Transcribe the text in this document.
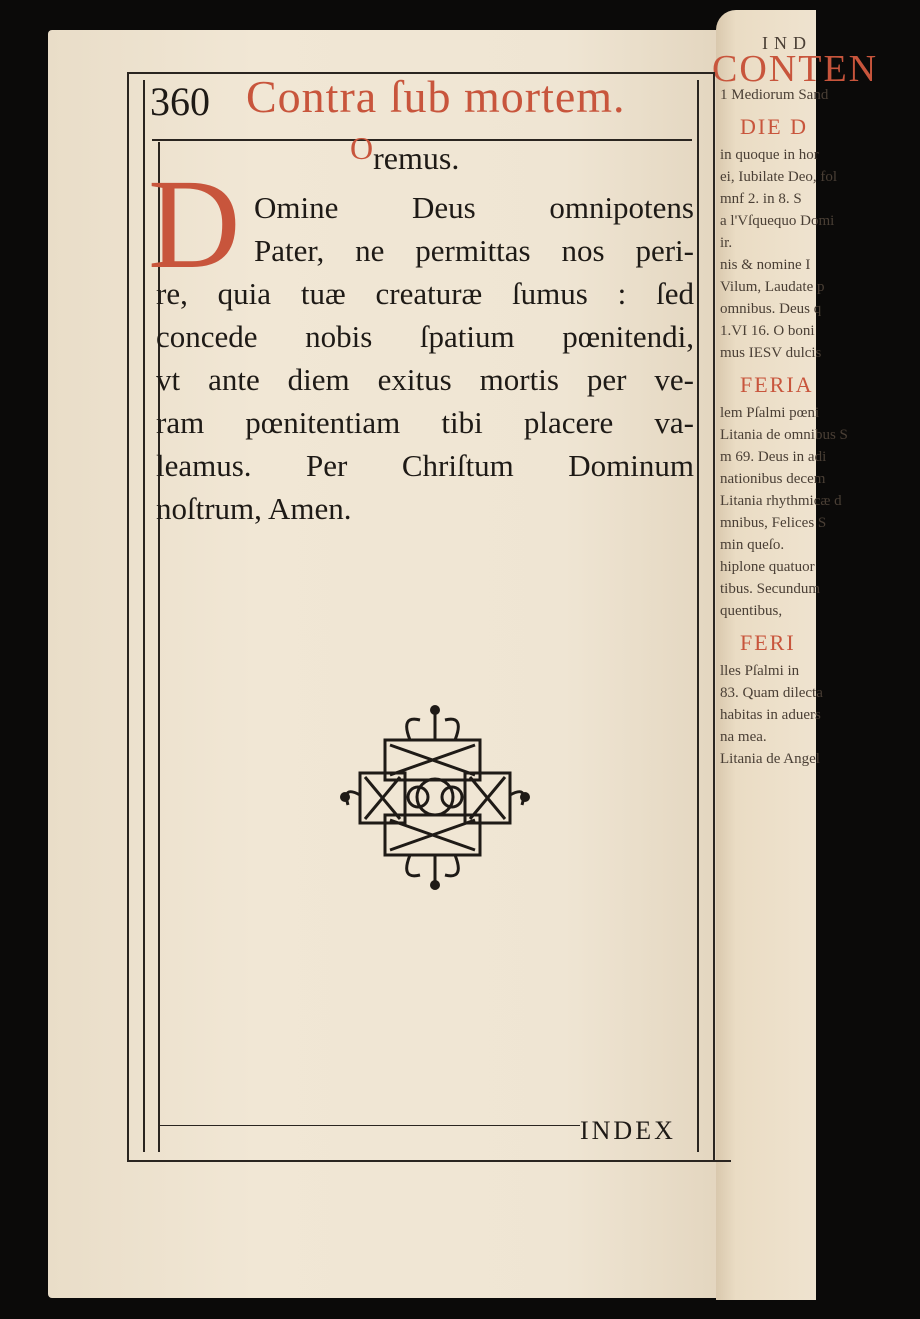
IND
CONTEN
1 Mediorum Sand
DIE D
in quoque in hor
ei, Iubilate Deo, fol
mnf 2. in 8. S
a l'Vſquequo Domi
ir.
nis & nomine I
Vilum, Laudate p
omnibus. Deus q
1.VI 16. O boni
mus IESV dulcis
FERIA
lem Pſalmi pœni
Litania de omnibus S
m 69. Deus in adi
nationibus decem
Litania rhythmicæ d
mnibus, Felices S
min queſo.
hiplone quatuor
tibus. Secundum
quentibus,
FERI
lles Pſalmi in
83. Quam dilecta
habitas in aduers
na mea.
Litania de Angel
360 Contra ſub mortem.
Oremus.
D Omine Deus omnipotens
Pater, ne permittas nos peri-
re, quia tuæ creaturæ ſumus : ſed
concede nobis ſpatium pœnitendi,
vt ante diem exitus mortis per ve-
ram pœnitentiam tibi placere va-
leamus. Per Chriſtum Dominum
noſtrum, Amen.
INDEX
